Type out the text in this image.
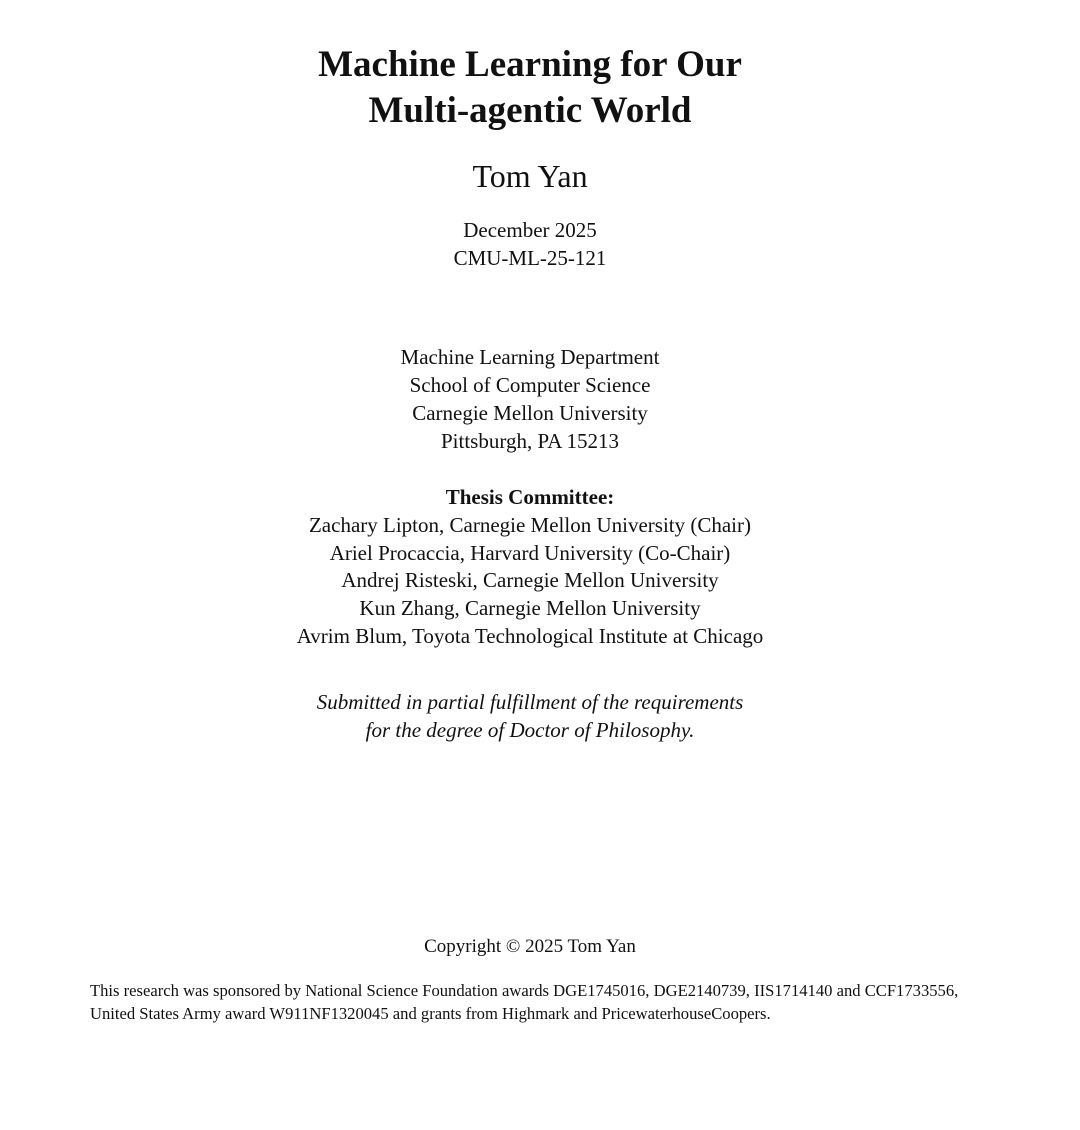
Machine Learning for Our
Multi-agentic World
Tom Yan
December 2025
CMU-ML-25-121
Machine Learning Department
School of Computer Science
Carnegie Mellon University
Pittsburgh, PA 15213
Thesis Committee:
Zachary Lipton, Carnegie Mellon University (Chair)
Ariel Procaccia, Harvard University (Co-Chair)
Andrej Risteski, Carnegie Mellon University
Kun Zhang, Carnegie Mellon University
Avrim Blum, Toyota Technological Institute at Chicago
Submitted in partial fulfillment of the requirements
for the degree of Doctor of Philosophy.
Copyright © 2025 Tom Yan
This research was sponsored by National Science Foundation awards DGE1745016, DGE2140739, IIS1714140 and CCF1733556, United States Army award W911NF1320045 and grants from Highmark and PricewaterhouseCoopers.
